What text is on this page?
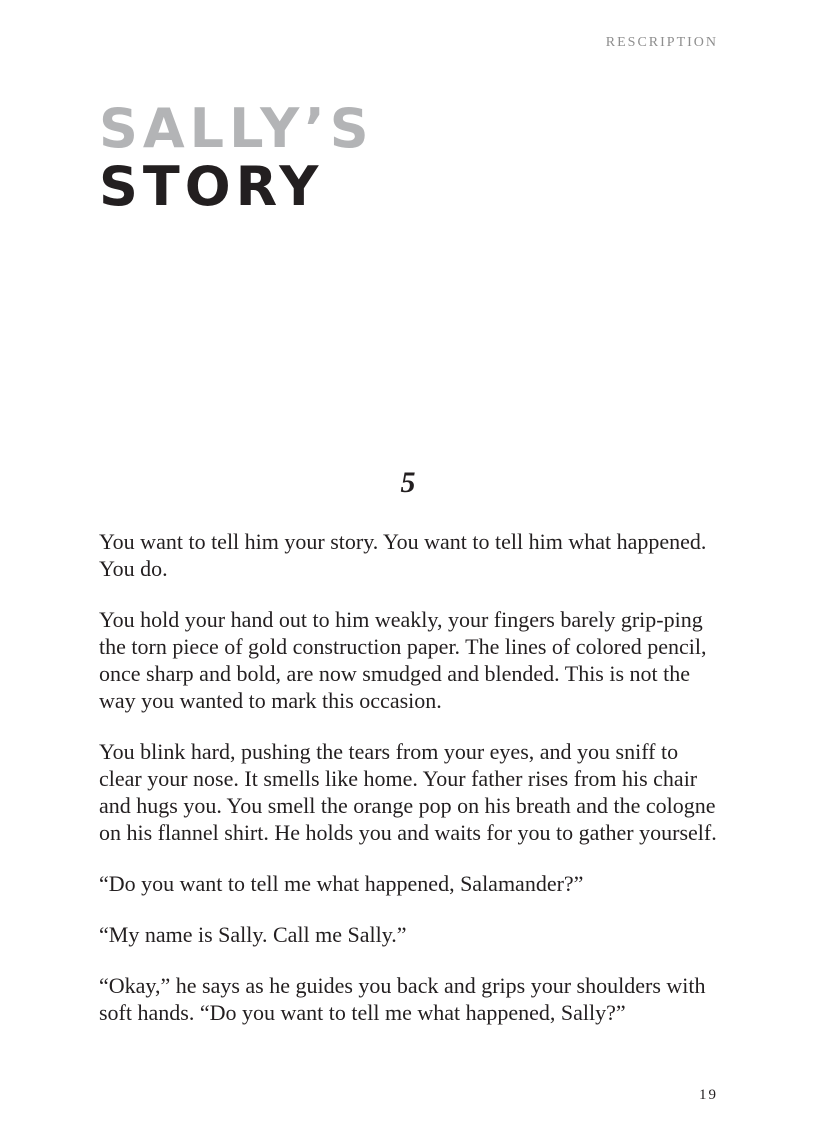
RESCRIPTION
SALLY’S
STORY
5

You want to tell him your story. You want to tell him what happened. You do.

You hold your hand out to him weakly, your fingers barely grip-ping the torn piece of gold construction paper. The lines of colored pencil, once sharp and bold, are now smudged and blended. This is not the way you wanted to mark this occasion.

You blink hard, pushing the tears from your eyes, and you sniff to clear your nose. It smells like home. Your father rises from his chair and hugs you. You smell the orange pop on his breath and the cologne on his flannel shirt. He holds you and waits for you to gather yourself.

“Do you want to tell me what happened, Salamander?”

“My name is Sally. Call me Sally.”

“Okay,” he says as he guides you back and grips your shoulders with soft hands. “Do you want to tell me what happened, Sally?”

19
